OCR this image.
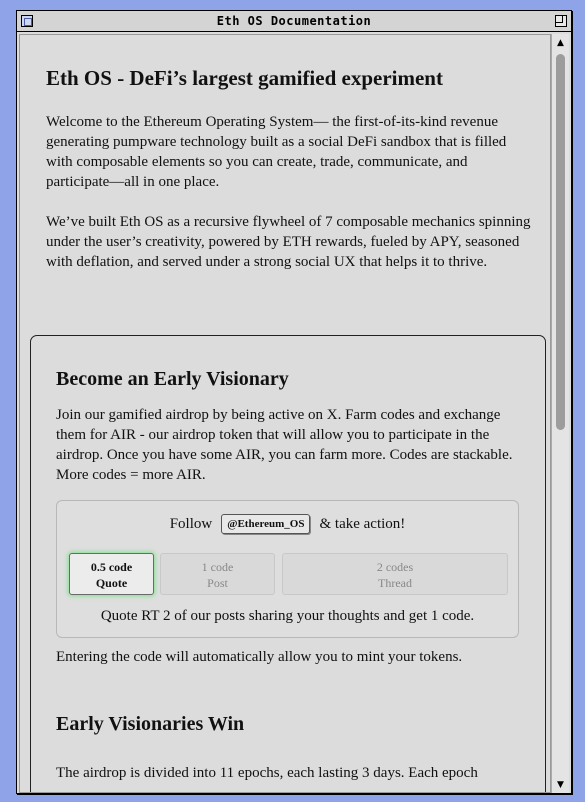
Eth OS Documentation
Eth OS - DeFi’s largest gamified experiment

Welcome to the Ethereum Operating System— the first-of-its-kind revenue generating pumpware technology built as a social DeFi sandbox that is filled with composable elements so you can create, trade, communicate, and participate—all in one place.

We’ve built Eth OS as a recursive flywheel of 7 composable mechanics spinning under the user’s creativity, powered by ETH rewards, fueled by APY, seasoned with deflation, and served under a strong social UX that helps it to thrive.

Become an Early Visionary

Join our gamified airdrop by being active on X. Farm codes and exchange them for AIR - our airdrop token that will allow you to participate in the airdrop. Once you have some AIR, you can farm more. Codes are stackable. More codes = more AIR.

Follow	@Ethereum_OS	& take action!
0.5 code
Quote
1 code
Post
2 codes
Thread
Quote RT 2 of our posts sharing your thoughts and get 1 code.

Entering the code will automatically allow you to mint your tokens.

Early Visionaries Win

The airdrop is divided into 11 epochs, each lasting 3 days. Each epoch

▲
▼
